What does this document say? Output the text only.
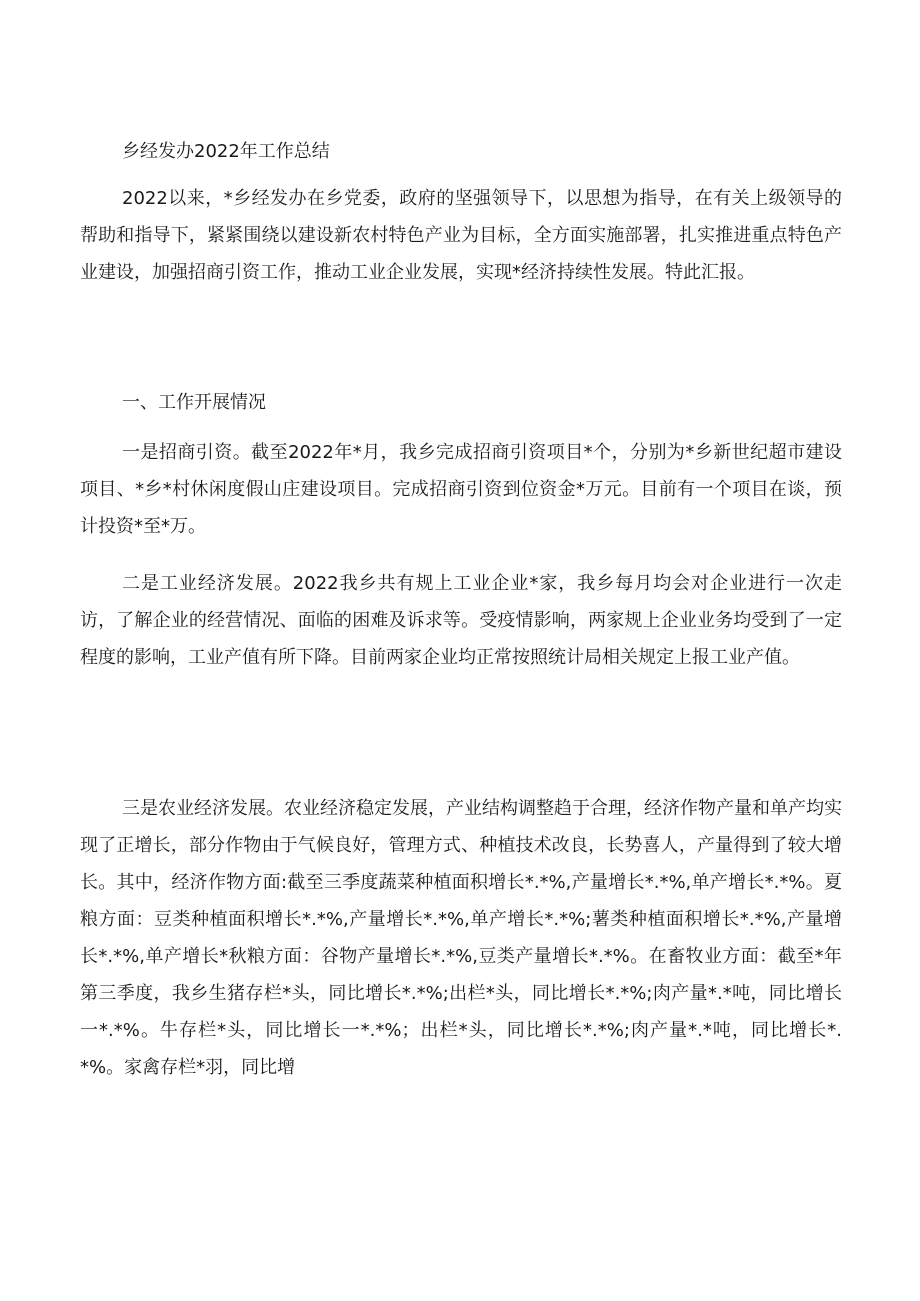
乡经发办2022年工作总结

2022以来，*乡经发办在乡党委，政府的坚强领导下，以思想为指导，在有关上级领导的帮助和指导下，紧紧围绕以建设新农村特色产业为目标，全方面实施部署，扎实推进重点特色产业建设，加强招商引资工作，推动工业企业发展，实现*经济持续性发展。特此汇报。

一、工作开展情况

一是招商引资。截至2022年*月，我乡完成招商引资项目*个，分别为*乡新世纪超市建设项目、*乡*村休闲度假山庄建设项目。完成招商引资到位资金*万元。目前有一个项目在谈，预计投资*至*万。

二是工业经济发展。2022我乡共有规上工业企业*家，我乡每月均会对企业进行一次走访，了解企业的经营情况、面临的困难及诉求等。受疫情影响，两家规上企业业务均受到了一定程度的影响，工业产值有所下降。目前两家企业均正常按照统计局相关规定上报工业产值。

三是农业经济发展。农业经济稳定发展，产业结构调整趋于合理，经济作物产量和单产均实现了正增长，部分作物由于气候良好，管理方式、种植技术改良，长势喜人，产量得到了较大增长。其中，经济作物方面:截至三季度蔬菜种植面积增长*.*%,产量增长*.*%,单产增长*.*%。夏粮方面：豆类种植面积增长*.*%,产量增长*.*%,单产增长*.*%;薯类种植面积增长*.*%,产量增长*.*%,单产增长*秋粮方面：谷物产量增长*.*%,豆类产量增长*.*%。在畜牧业方面：截至*年第三季度，我乡生猪存栏*头，同比增长*.*%;出栏*头，同比增长*.*%;肉产量*.*吨，同比增长一*.*%。牛存栏*头，同比增长一*.*%；出栏*头，同比增长*.*%;肉产量*.*吨，同比增长*.*%。家禽存栏*羽，同比增
